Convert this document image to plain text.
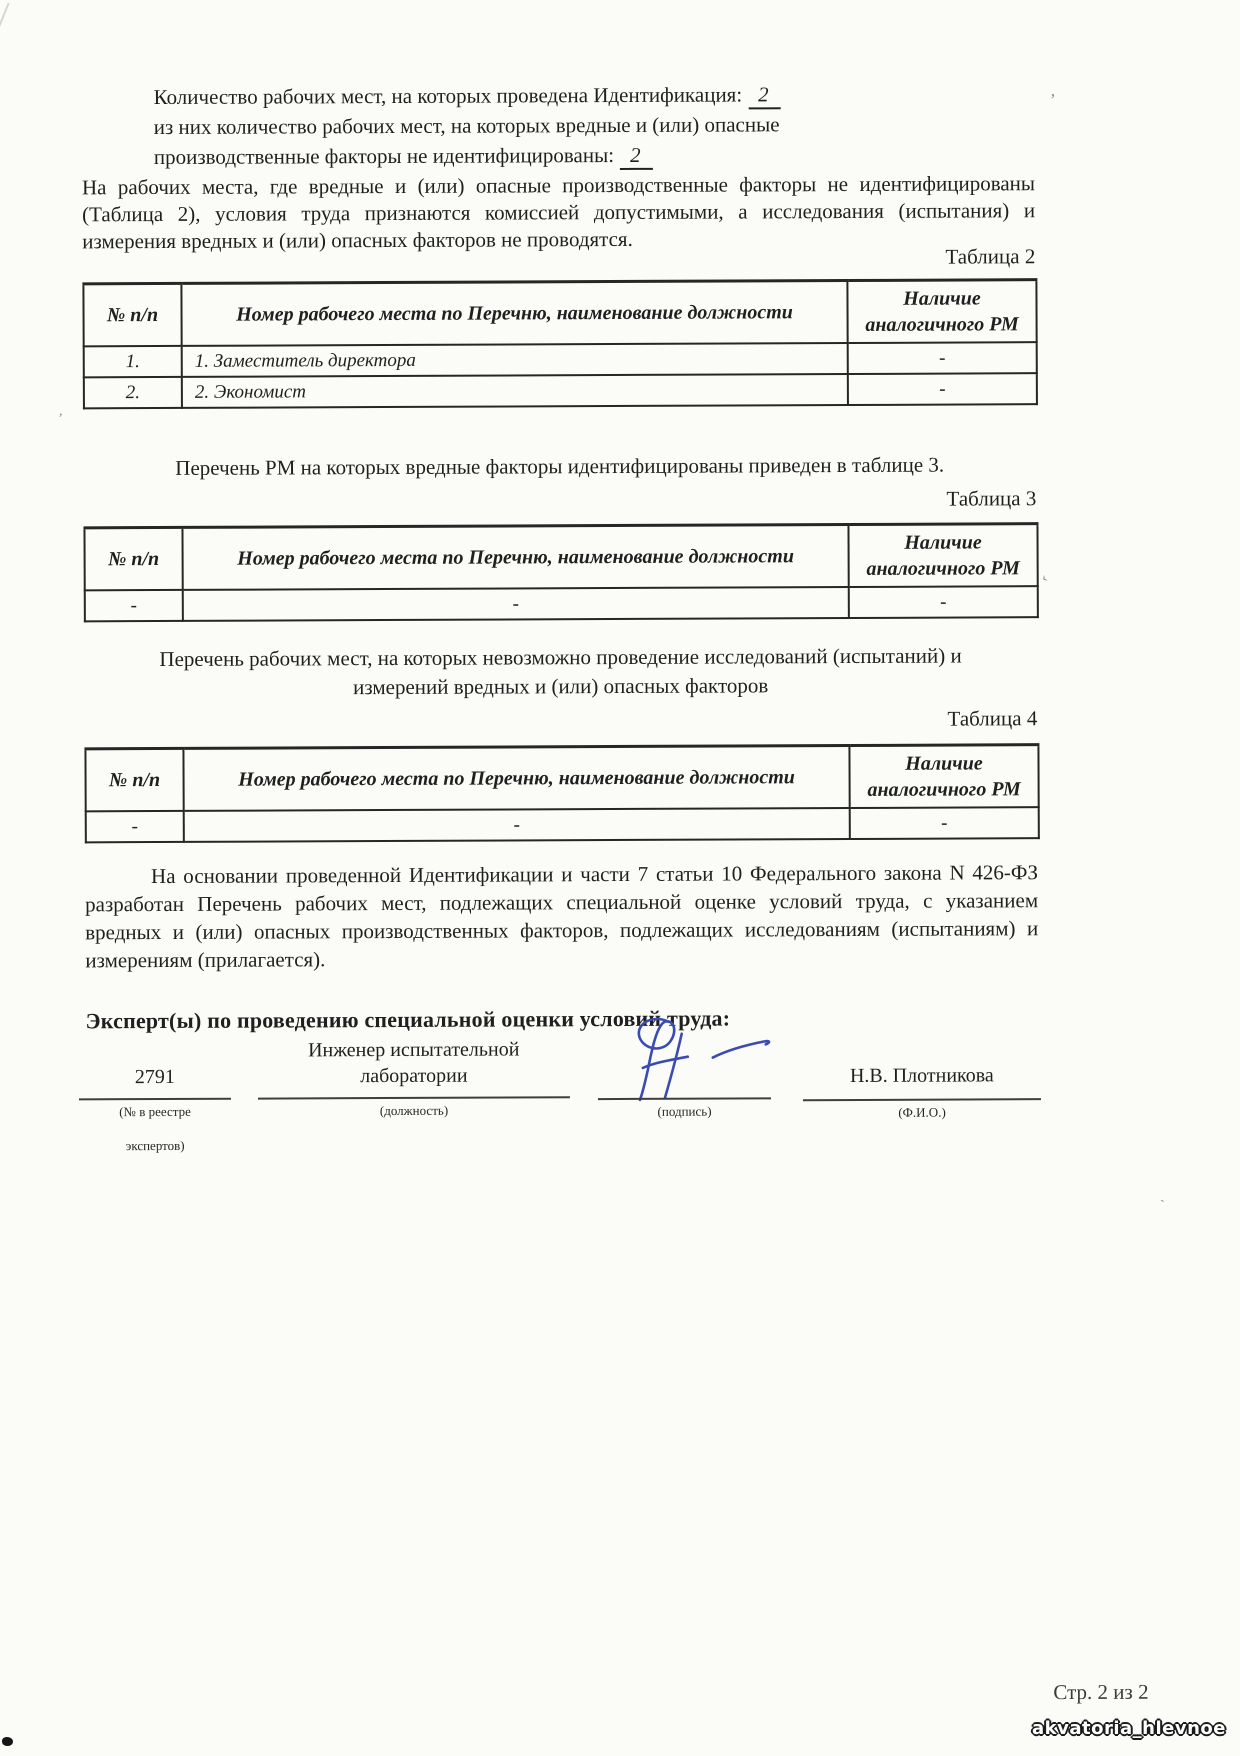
Количество рабочих мест, на которых проведена Идентификация: 2
из них количество рабочих мест, на которых вредные и (или) опасные
производственные факторы не идентифицированы: 2
На рабочих места, где вредные и (или) опасные производственные факторы не идентифицированы (Таблица 2), условия труда признаются комиссией допустимыми, а исследования (испытания) и измерения вредных и (или) опасных факторов не проводятся.
Таблица 2
№ п/п	Номер рабочего места по Перечню, наименование должности	Наличие аналогичного РМ
1.	1. Заместитель директора	-
2.	2. Экономист	-
Перечень РМ на которых вредные факторы идентифицированы приведен в таблице 3.
Таблица 3
№ п/п	Номер рабочего места по Перечню, наименование должности	Наличие аналогичного РМ
-	-	-
Перечень рабочих мест, на которых невозможно проведение исследований (испытаний) и
измерений вредных и (или) опасных факторов
Таблица 4
№ п/п	Номер рабочего места по Перечню, наименование должности	Наличие аналогичного РМ
-	-	-
На основании проведенной Идентификации и части 7 статьи 10 Федерального закона N 426-ФЗ разработан Перечень рабочих мест, подлежащих специальной оценке условий труда, с указанием вредных и (или) опасных производственных факторов, подлежащих исследованиям (испытаниям) и измерениям (прилагается).
Эксперт(ы) по проведению специальной оценки условий труда:
2791
(№ в реестре
экспертов)
Инженер испытательной
лаборатории
(должность)	(подпись)
Н.В. Плотникова
(Ф.И.О.)
Стр. 2 из 2
akvatoria_hlevnoe
’
,
‹
ˏ
